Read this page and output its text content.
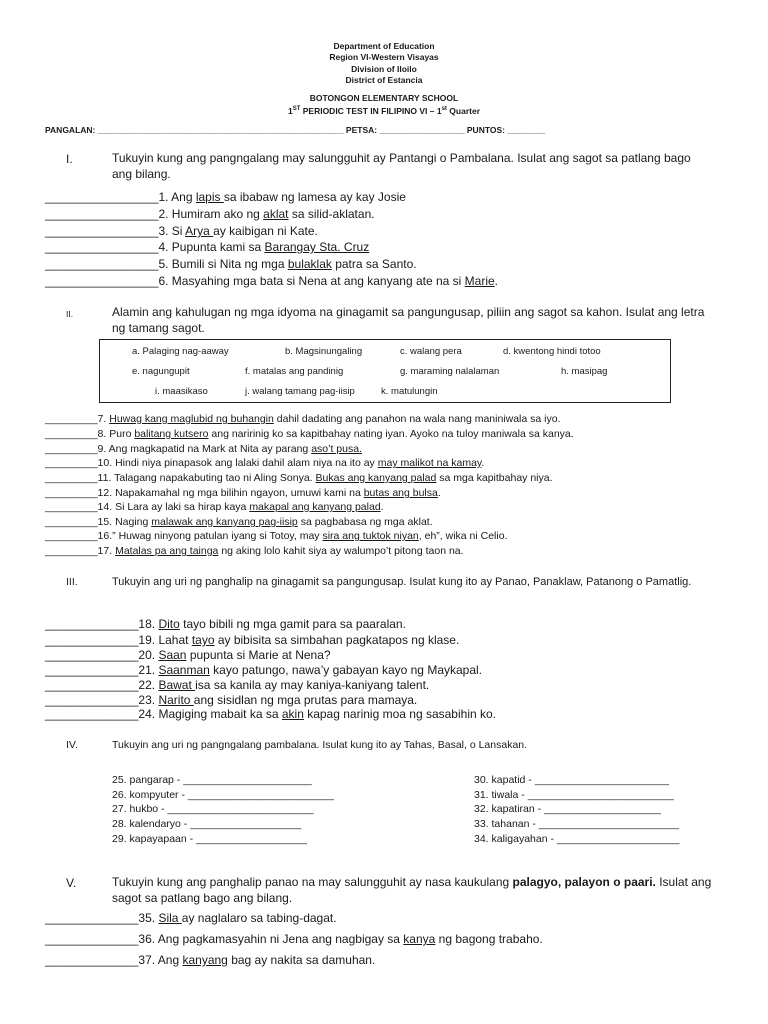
Department of Education
Region VI-Western Visayas
Division of Iloilo
District of Estancia
BOTONGON ELEMENTARY SCHOOL
1ST PERIODIC TEST IN FILIPINO VI – 1st Quarter
PANGALAN: ____________________________________________________ PETSA: __________________ PUNTOS: ________
I.	Tukuyin kung ang pangngalang may salungguhit ay Pantangi o Pambalana. Isulat ang sagot sa patlang bago ang bilang.
_________________1. Ang lapis sa ibabaw ng lamesa ay kay Josie
_________________2. Humiram ako ng aklat sa silid-aklatan.
_________________3. Si Arya ay kaibigan ni Kate.
_________________4. Pupunta kami sa Barangay Sta. Cruz
_________________5. Bumili si Nita ng mga bulaklak patra sa Santo.
_________________6. Masyahing mga bata si Nena at ang kanyang ate na si Marie.
II.	Alamin ang kahulugan ng mga idyoma na ginagamit sa pangungusap, piliin ang sagot sa kahon. Isulat ang letra ng tamang sagot.
a. Palaging nag-aaway	b. Magsinungaling	c. walang pera	d. kwentong hindi totoo
e. nagungupit	f. matalas ang pandinig	g. maraming nalalaman	h. masipag
i. maasikaso	j. walang tamang pag-iisip	k. matulungin
_________7. Huwag kang maglubid ng buhangin dahil dadating ang panahon na wala nang maniniwala sa iyo.
_________8. Puro balitang kutsero ang naririnig ko sa kapitbahay nating iyan. Ayoko na tuloy maniwala sa kanya.
_________9. Ang magkapatid na Mark at Nita ay parang aso’t pusa.
_________10. Hindi niya pinapasok ang lalaki dahil alam niya na ito ay may malikot na kamay.
_________11. Talagang napakabuting tao ni Aling Sonya. Bukas ang kanyang palad sa mga kapitbahay niya.
_________12. Napakamahal ng mga bilihin ngayon, umuwi kami na butas ang bulsa.
_________14. Si Lara ay laki sa hirap kaya makapal ang kanyang palad.
_________15. Naging malawak ang kanyang pag-iisip sa pagbabasa ng mga aklat.
_________16.” Huwag ninyong patulan iyang si Totoy, may sira ang tuktok niyan, eh”, wika ni Celio.
_________17. Matalas pa ang tainga ng aking lolo kahit siya ay walumpo’t pitong taon na.
III.	Tukuyin ang uri ng panghalip na ginagamit sa pangungusap. Isulat kung ito ay Panao, Panaklaw, Patanong o Pamatlig.
______________18. Dito tayo bibili ng mga gamit para sa paaralan.
______________19. Lahat tayo ay bibisita sa simbahan pagkatapos ng klase.
______________20. Saan pupunta si Marie at Nena?
______________21. Saanman kayo patungo, nawa’y gabayan kayo ng Maykapal.
______________22. Bawat isa sa kanila ay may kaniya-kaniyang talent.
______________23. Narito ang sisidlan ng mga prutas para mamaya.
______________24. Magiging mabait ka sa akin kapag narinig moa ng sasabihin ko.
IV.	Tukuyin ang uri ng pangngalang pambalana. Isulat kung ito ay Tahas, Basal, o Lansakan.
25. pangarap - ______________________
26. kompyuter - _________________________
27. hukbo - _________________________
28. kalendaryo - ___________________
29. kapayapaan - ___________________
30. kapatid - _______________________
31. tiwala - _________________________
32. kapatiran - ____________________
33. tahanan - ________________________
34. kaligayahan - _____________________
V.	Tukuyin kung ang panghalip panao na may salungguhit ay nasa kaukulang palagyo, palayon o paari. Isulat ang sagot sa patlang bago ang bilang.
______________35. Sila ay naglalaro sa tabing-dagat.
______________36. Ang pagkamasyahin ni Jena ang nagbigay sa kanya ng bagong trabaho.
______________37. Ang kanyang bag ay nakita sa damuhan.
